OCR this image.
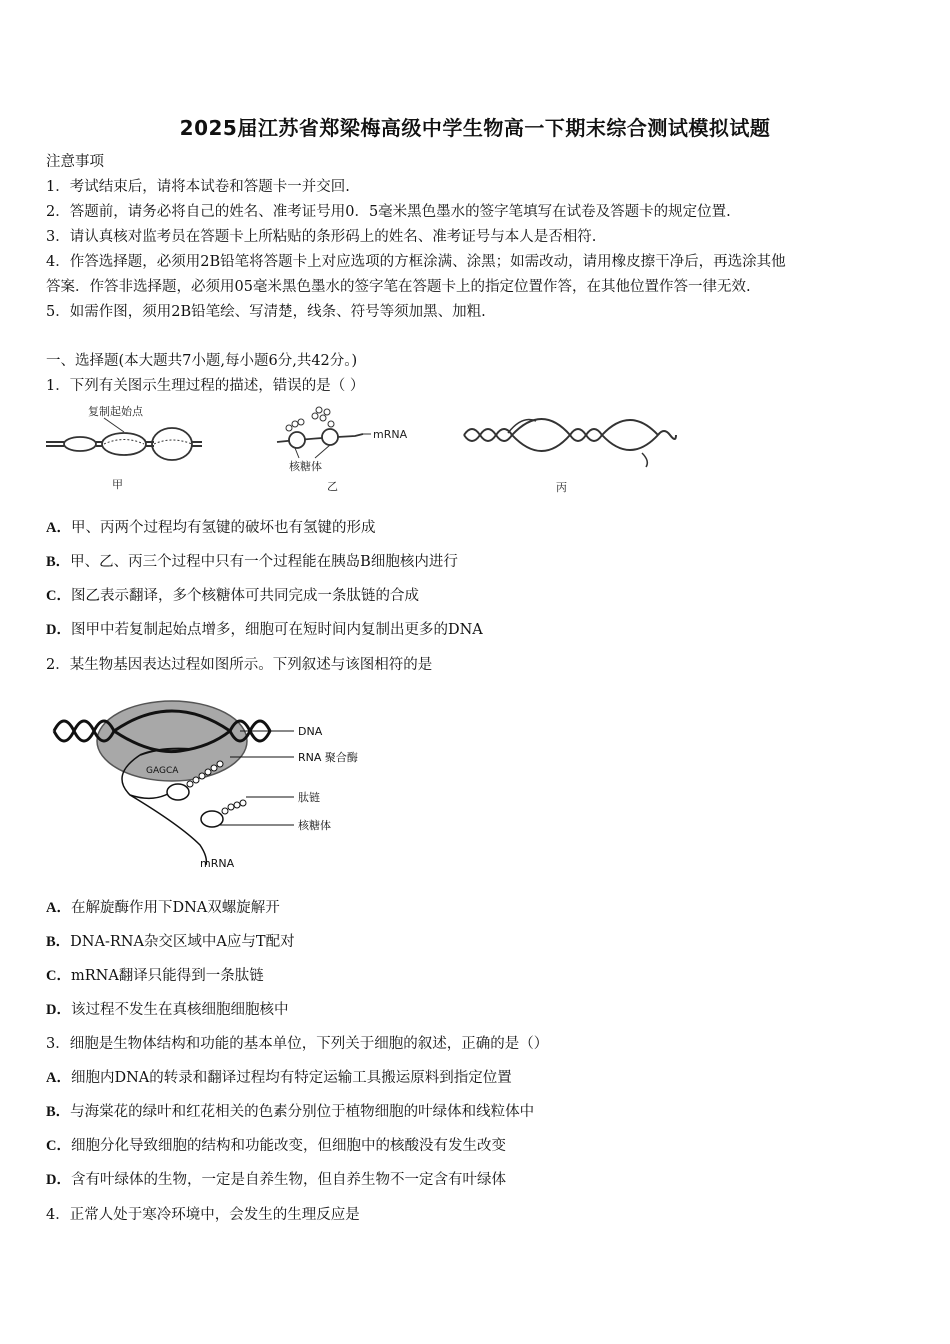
2025届江苏省郑梁梅高级中学生物高一下期末综合测试模拟试题
注意事项
1．考试结束后，请将本试卷和答题卡一并交回.
2．答题前，请务必将自己的姓名、准考证号用0．5毫米黑色墨水的签字笔填写在试卷及答题卡的规定位置.
3．请认真核对监考员在答题卡上所粘贴的条形码上的姓名、准考证号与本人是否相符.
4．作答选择题，必须用2B铅笔将答题卡上对应选项的方框涂满、涂黑；如需改动，请用橡皮擦干净后，再选涂其他
答案．作答非选择题，必须用05毫米黑色墨水的签字笔在答题卡上的指定位置作答，在其他位置作答一律无效.
5．如需作图，须用2B铅笔绘、写清楚，线条、符号等须加黑、加粗.
一、选择题(本大题共7小题,每小题6分,共42分。)
1．下列有关图示生理过程的描述，错误的是（ ）
复制起始点
甲
mRNA
核糖体
乙	丙
A．甲、丙两个过程均有氢键的破坏也有氢键的形成
B．甲、乙、丙三个过程中只有一个过程能在胰岛B细胞核内进行
C．图乙表示翻译，多个核糖体可共同完成一条肽链的合成
D．图甲中若复制起始点增多，细胞可在短时间内复制出更多的DNA
2．某生物基因表达过程如图所示。下列叙述与该图相符的是
GAGCA
DNA
RNA 聚合酶
肽链
核糖体
mRNA
A．在解旋酶作用下DNA双螺旋解开
B．DNA-RNA杂交区域中A应与T配对
C．mRNA翻译只能得到一条肽链
D．该过程不发生在真核细胞细胞核中
3．细胞是生物体结构和功能的基本单位，下列关于细胞的叙述，正确的是（）
A．细胞内DNA的转录和翻译过程均有特定运输工具搬运原料到指定位置
B．与海棠花的绿叶和红花相关的色素分别位于植物细胞的叶绿体和线粒体中
C．细胞分化导致细胞的结构和功能改变，但细胞中的核酸没有发生改变
D．含有叶绿体的生物，一定是自养生物，但自养生物不一定含有叶绿体
4．正常人处于寒冷环境中，会发生的生理反应是
